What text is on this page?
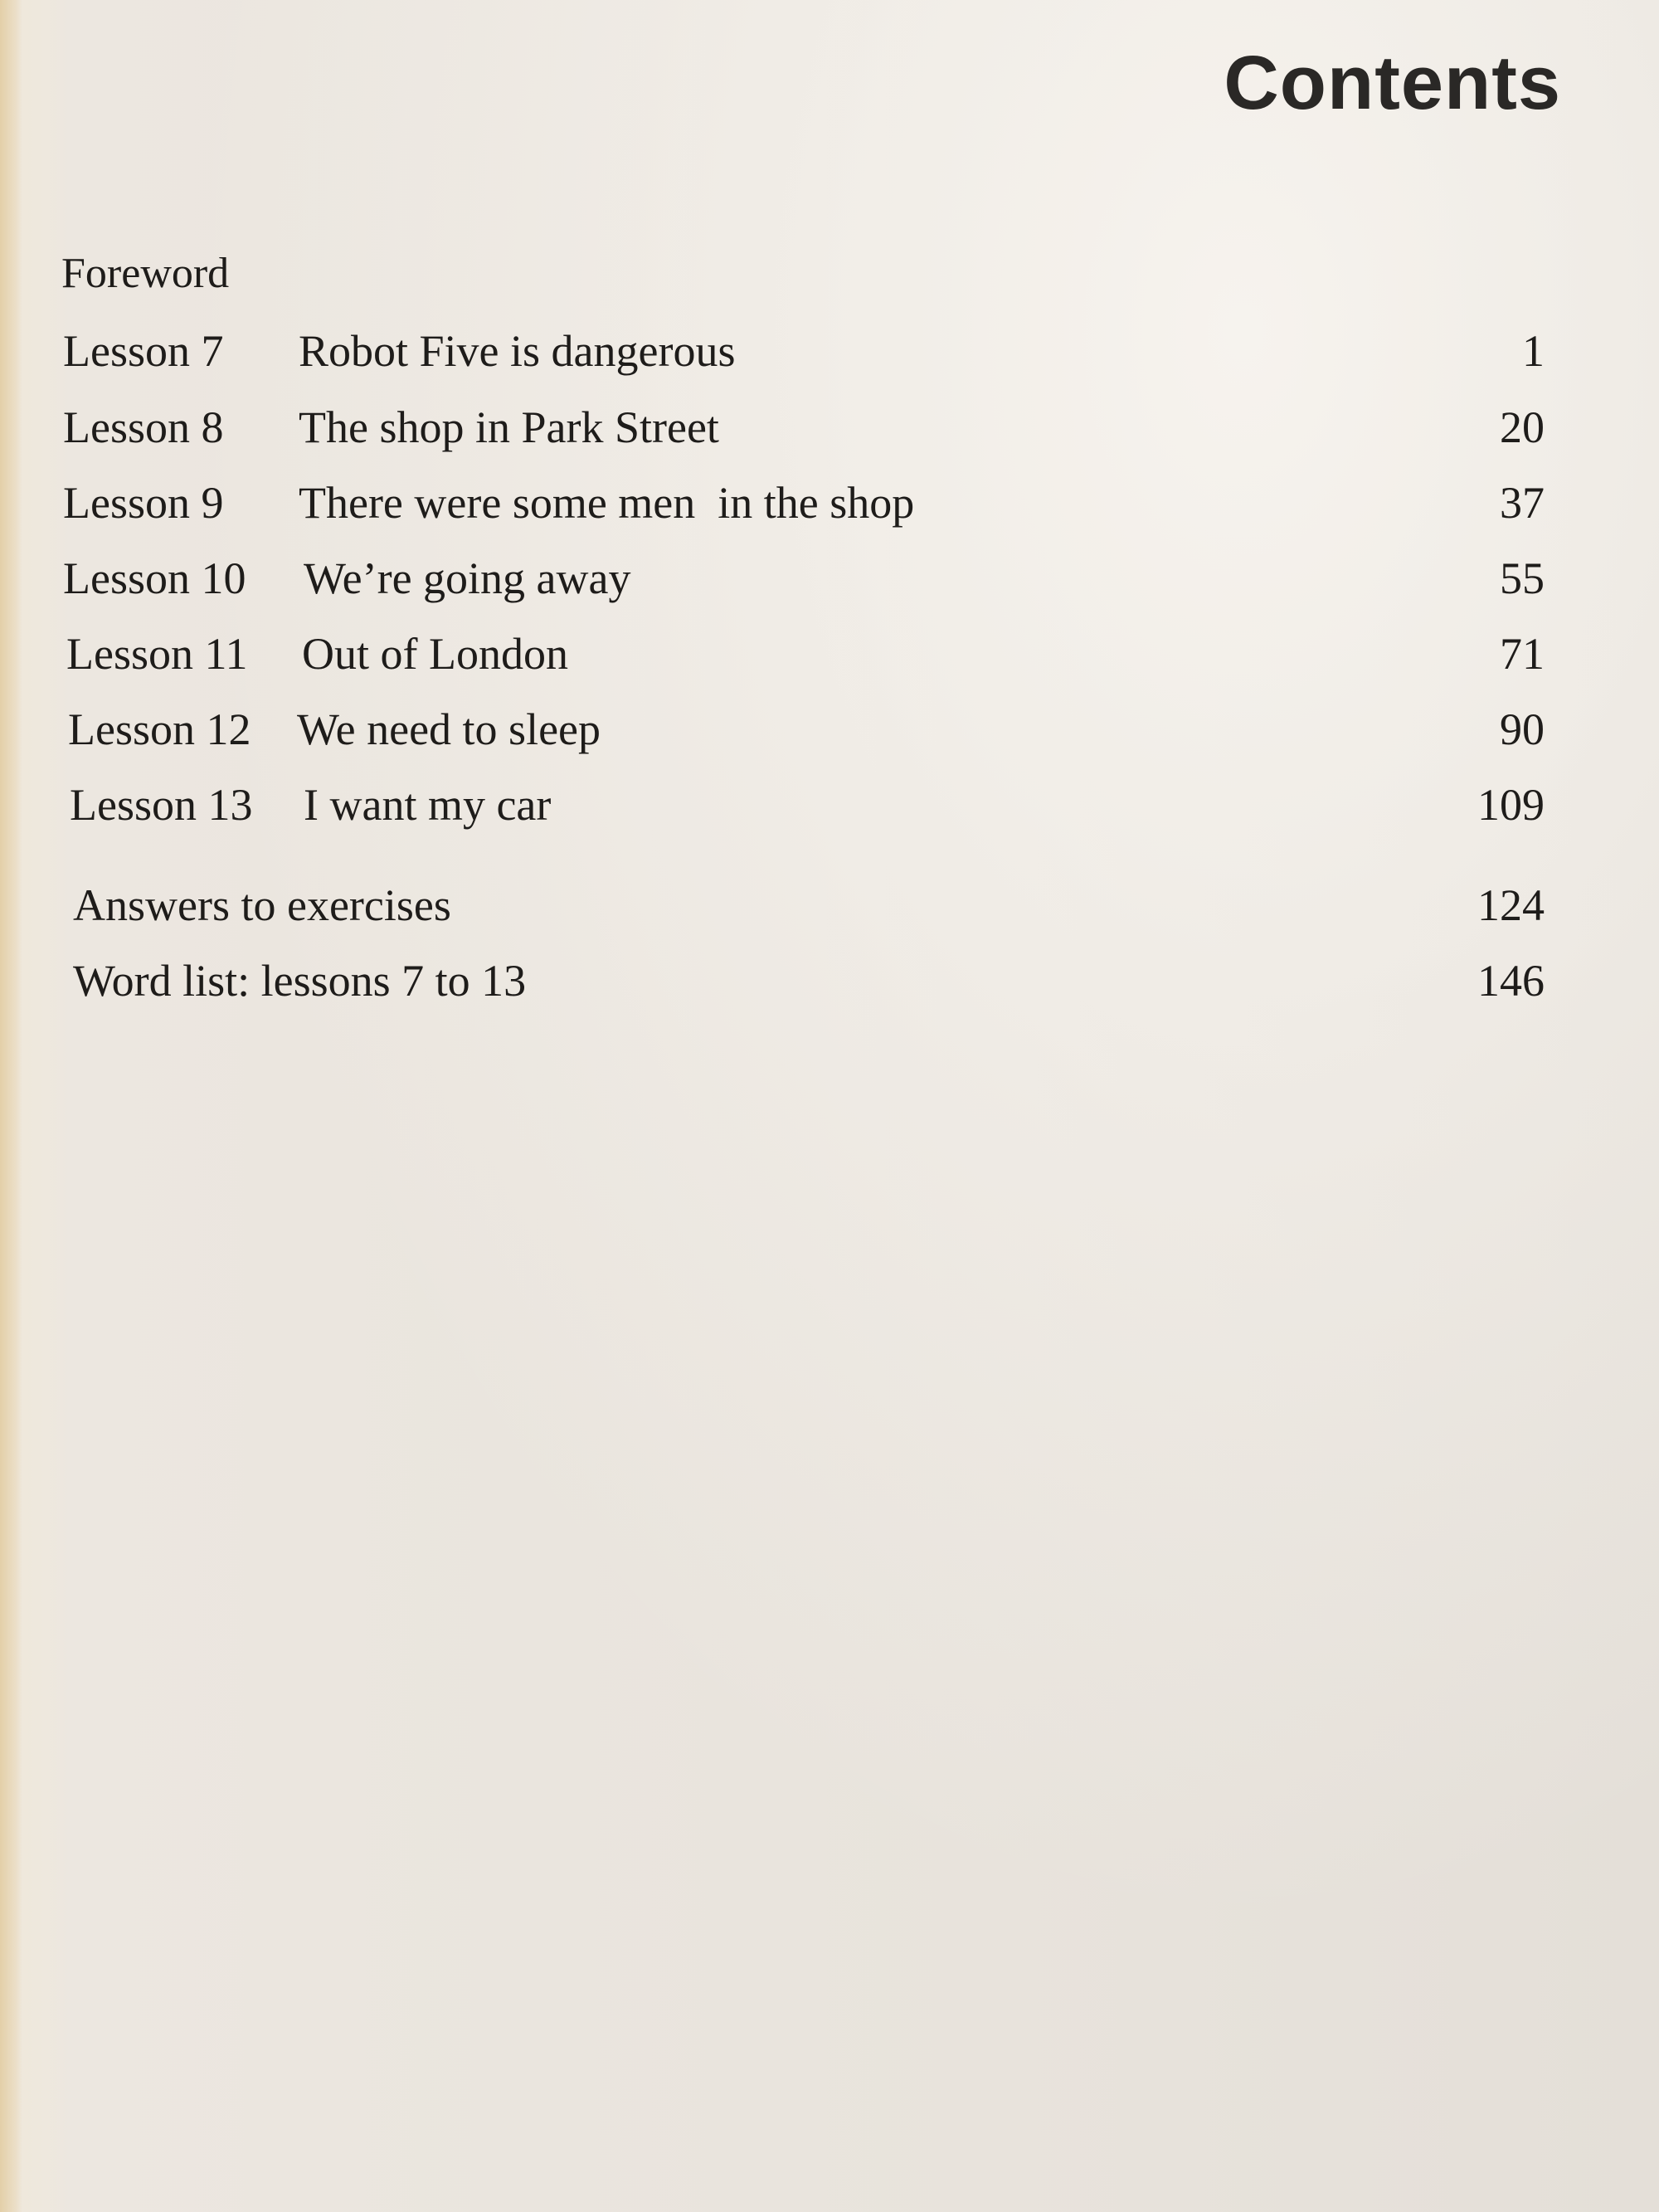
Contents
Foreword
Lesson 7 Robot Five is dangerous	1
Lesson 8 The shop in Park Street	20
Lesson 9 There were some men  in the shop	37
Lesson 10 We’re going away	55
Lesson 11 Out of London	71
Lesson 12 We need to sleep	90
Lesson 13 I want my car	109
Answers to exercises	124
Word list: lessons 7 to 13	146
